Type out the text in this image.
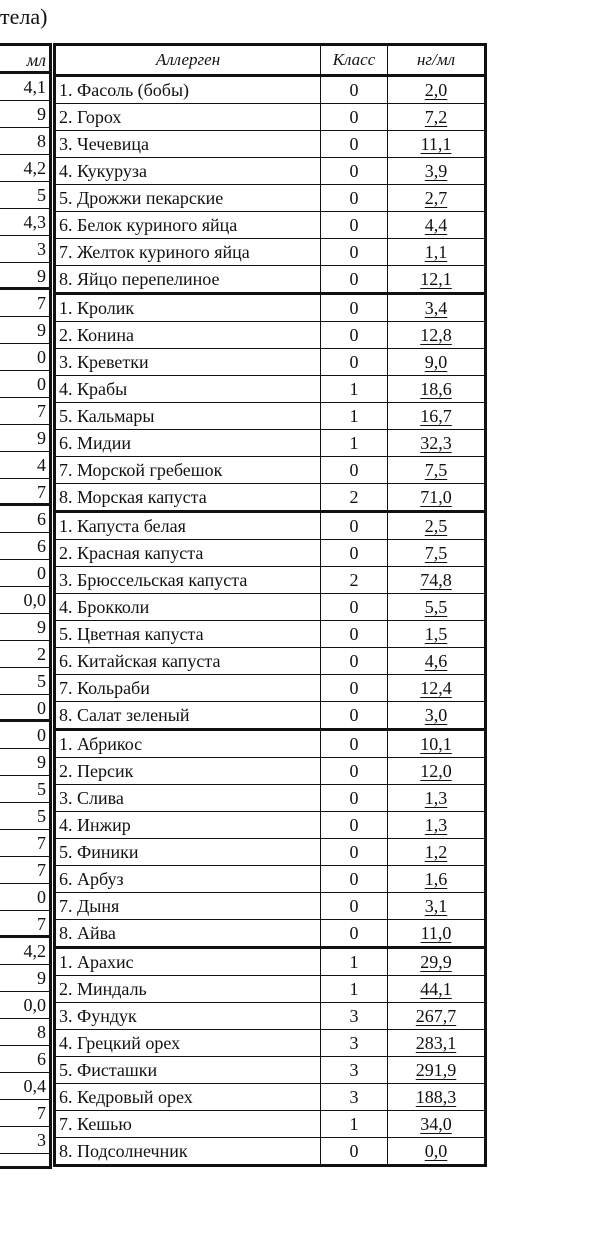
тела)
мл
4,1
9
8
4,2
5
4,3
3
9
7
9
0
0
7
9
4
7
6
6
0
0,0
9
2
5
0
0
9
5
5
7
7
0
7
4,2
9
0,0
8
6
0,4
7
3
Аллерген	Класс	нг/мл
1. Фасоль (бобы)	0	2,0
2. Горох	0	7,2
3. Чечевица	0	11,1
4. Кукуруза	0	3,9
5. Дрожжи пекарские	0	2,7
6. Белок куриного яйца	0	4,4
7. Желток куриного яйца	0	1,1
8. Яйцо перепелиное	0	12,1
1. Кролик	0	3,4
2. Конина	0	12,8
3. Креветки	0	9,0
4. Крабы	1	18,6
5. Кальмары	1	16,7
6. Мидии	1	32,3
7. Морской гребешок	0	7,5
8. Морская капуста	2	71,0
1. Капуста белая	0	2,5
2. Красная капуста	0	7,5
3. Брюссельская капуста	2	74,8
4. Брокколи	0	5,5
5. Цветная капуста	0	1,5
6. Китайская капуста	0	4,6
7. Кольраби	0	12,4
8. Салат зеленый	0	3,0
1. Абрикос	0	10,1
2. Персик	0	12,0
3. Слива	0	1,3
4. Инжир	0	1,3
5. Финики	0	1,2
6. Арбуз	0	1,6
7. Дыня	0	3,1
8. Айва	0	11,0
1. Арахис	1	29,9
2. Миндаль	1	44,1
3. Фундук	3	267,7
4. Грецкий орех	3	283,1
5. Фисташки	3	291,9
6. Кедровый орех	3	188,3
7. Кешью	1	34,0
8. Подсолнечник	0	0,0
